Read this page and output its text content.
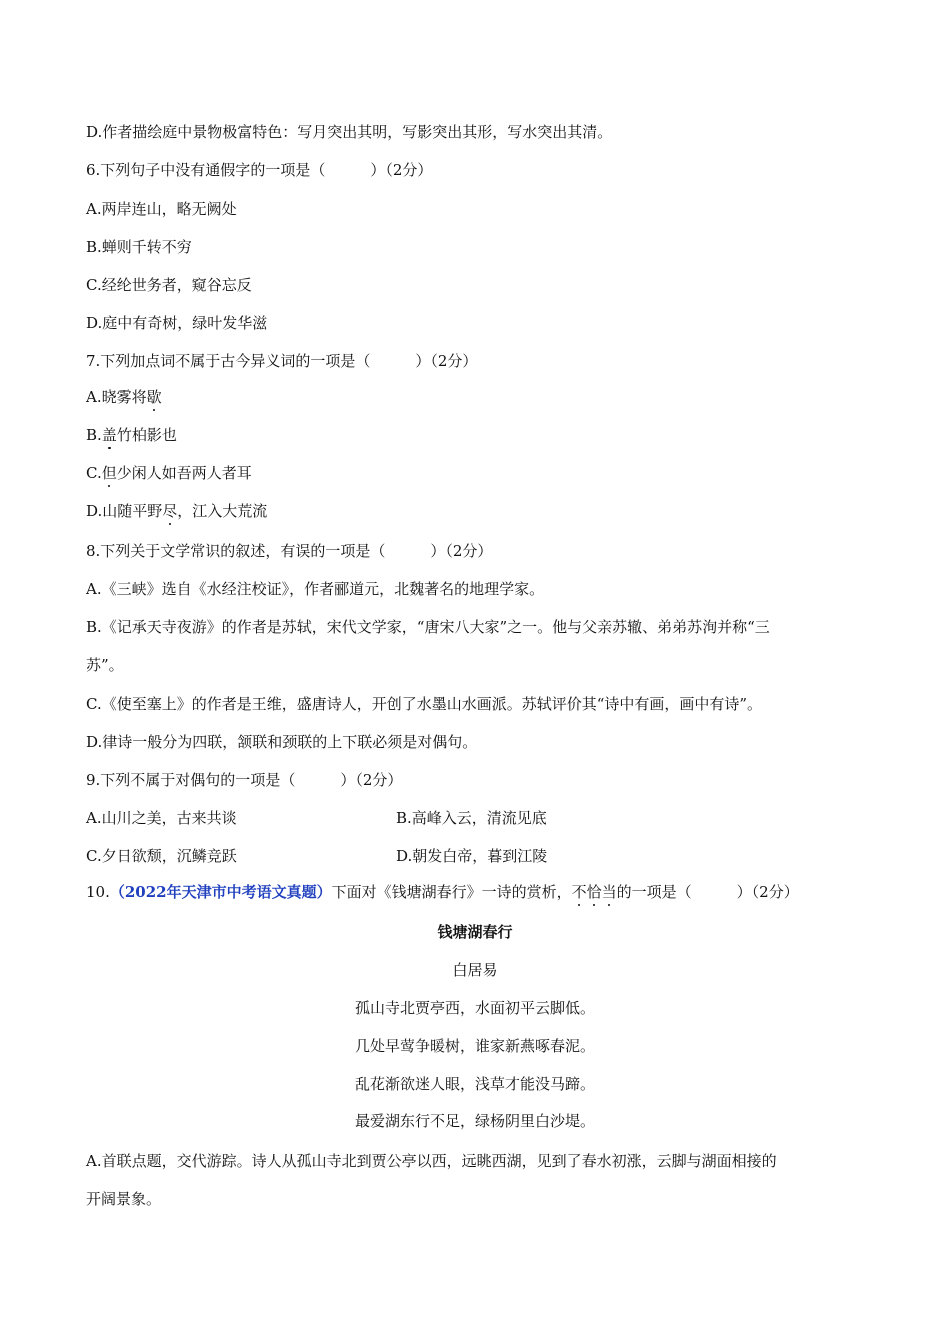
D.作者描绘庭中景物极富特色：写月突出其明，写影突出其形，写水突出其清。
6.下列句子中没有通假字的一项是（　　　）（2分）
A.两岸连山，略无阙处
B.蝉则千转不穷
C.经纶世务者，窥谷忘反
D.庭中有奇树，绿叶发华滋
7.下列加点词不属于古今异义词的一项是（　　　）（2分）
A.晓雾将歇
B.盖竹柏影也
C.但少闲人如吾两人者耳
D.山随平野尽，江入大荒流
8.下列关于文学常识的叙述，有误的一项是（　　　）（2分）
A.《三峡》选自《水经注校证》，作者郦道元，北魏著名的地理学家。
B.《记承天寺夜游》的作者是苏轼，宋代文学家，“唐宋八大家”之一。他与父亲苏辙、弟弟苏洵并称“三
苏”。
C.《使至塞上》的作者是王维，盛唐诗人，开创了水墨山水画派。苏轼评价其“诗中有画，画中有诗”。
D.律诗一般分为四联，颔联和颈联的上下联必须是对偶句。
9.下列不属于对偶句的一项是（　　　）（2分）
A.山川之美，古来共谈	B.高峰入云，清流见底
C.夕日欲颓，沉鳞竞跃	D.朝发白帝，暮到江陵
10.（2022年天津市中考语文真题）下面对《钱塘湖春行》一诗的赏析，不恰当的一项是（　　　）（2分）
钱塘湖春行
白居易
孤山寺北贾亭西，水面初平云脚低。
几处早莺争暖树，谁家新燕啄春泥。
乱花渐欲迷人眼，浅草才能没马蹄。
最爱湖东行不足，绿杨阴里白沙堤。
A.首联点题，交代游踪。诗人从孤山寺北到贾公亭以西，远眺西湖，见到了春水初涨，云脚与湖面相接的
开阔景象。
